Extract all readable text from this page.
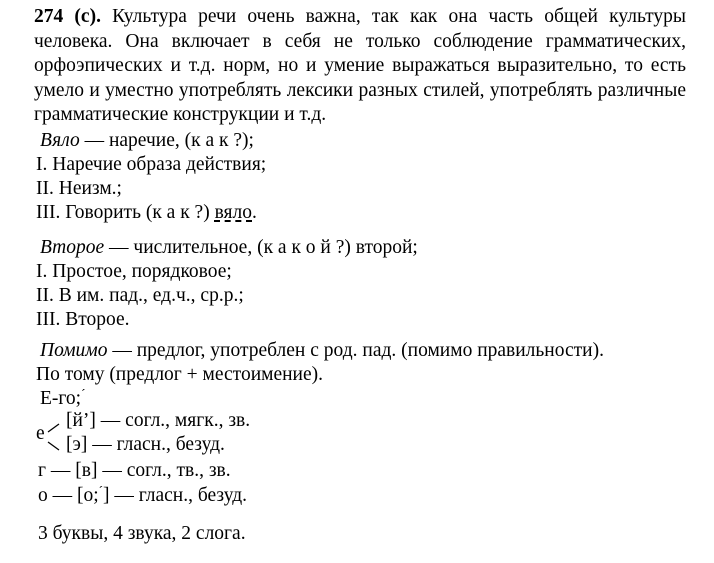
274 (с). Культура речи очень важна, так как она часть общей культуры человека. Она включает в себя не только соблюдение грамматических, орфоэпических и т.д. норм, но и умение выражаться выразительно, то есть умело и уместно употреблять лексики разных стилей, употреблять различные грамматические конструкции и т.д.
Вяло — наречие, (к а к ?);
I. Наречие образа действия;
II. Неизм.;
III. Говорить (к а к ?) вяло.
Второе — числительное, (к а к о й ?) второй;
I. Простое, порядковое;
II. В им. пад., ед.ч., ср.р.;
III. Второе.
Помимо — предлог, употреблен с род. пад. (помимо правильности).
По тому (предлог + местоимение).
Е-го;ˊ
е
[й’] — согл., мягк., зв.
[э] — гласн., безуд.
г — [в] — согл., тв., зв.
о — [о;ˊ] — гласн., безуд.
3 буквы, 4 звука, 2 слога.
